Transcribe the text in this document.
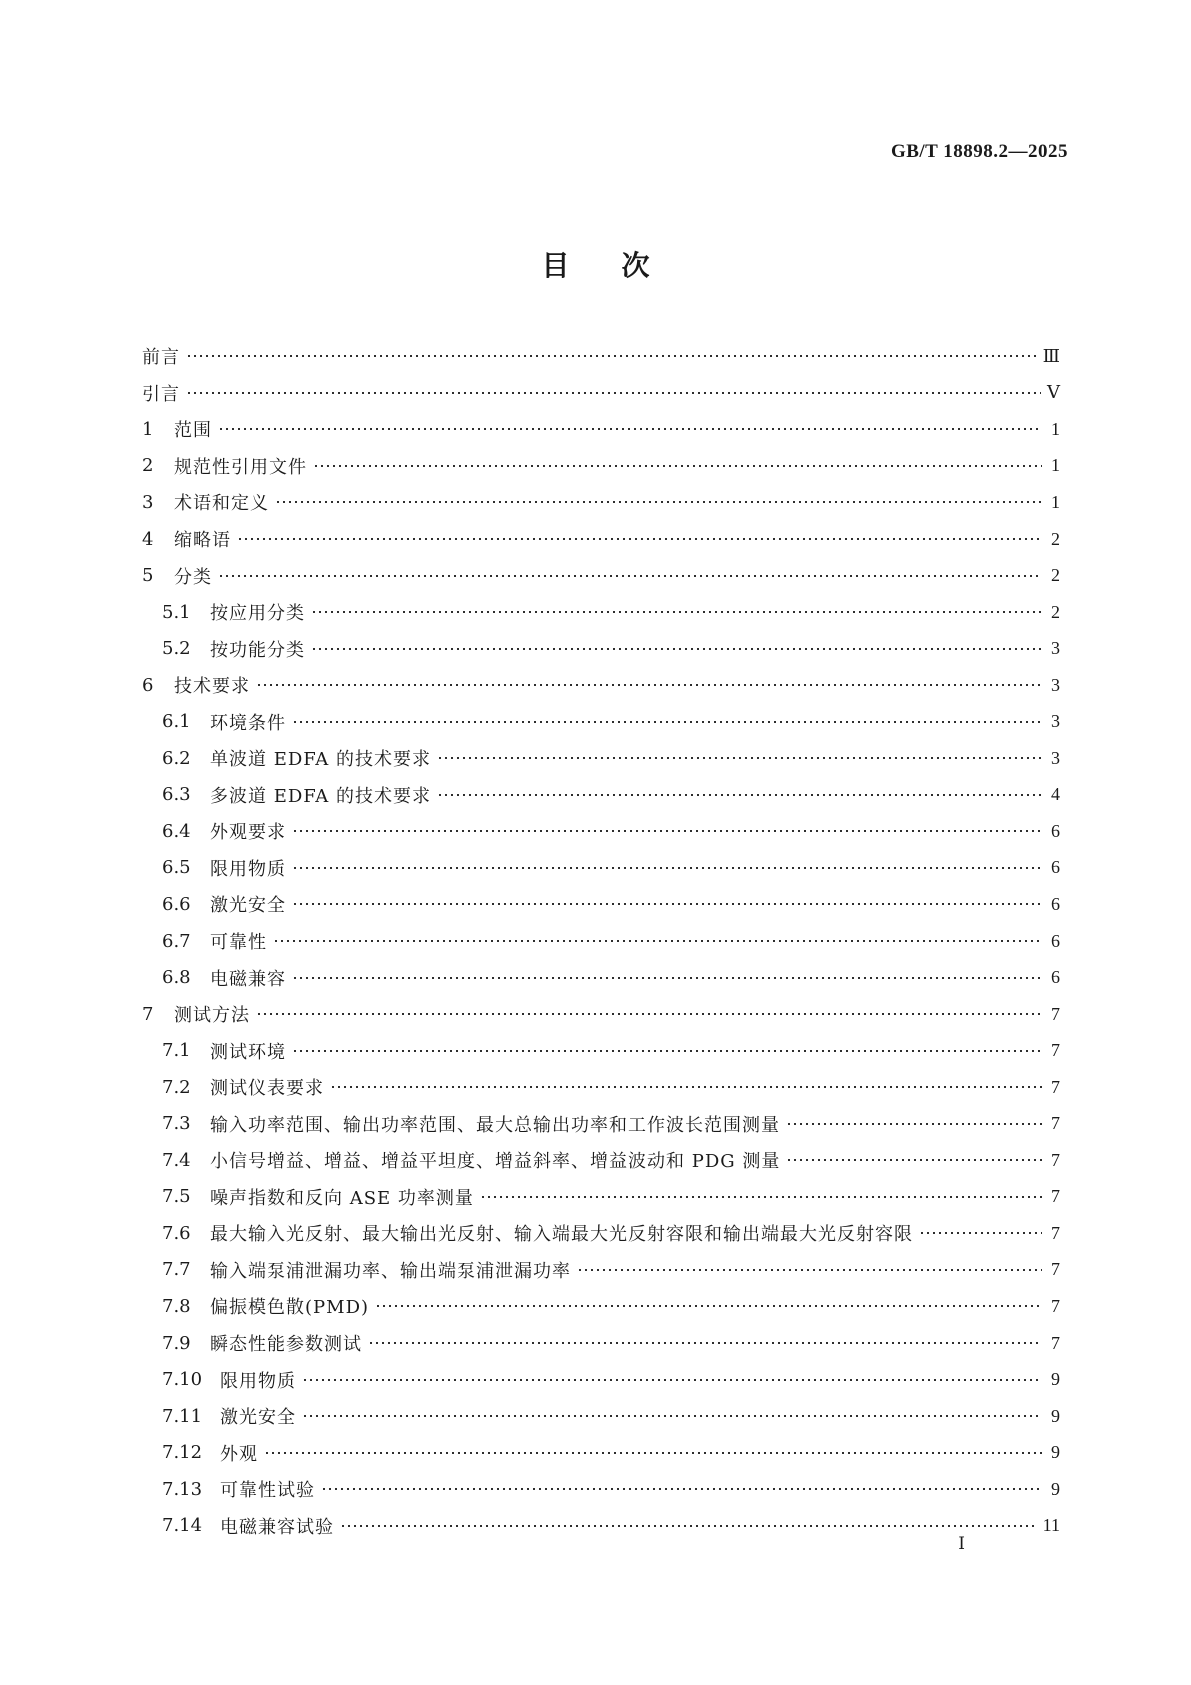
GB/T 18898.2—2025
目次
前言	Ⅲ
引言	Ⅴ
1	范围	1
2	规范性引用文件	1
3	术语和定义	1
4	缩略语	2
5	分类	2
5.1	按应用分类	2
5.2	按功能分类	3
6	技术要求	3
6.1	环境条件	3
6.2	单波道 EDFA 的技术要求	3
6.3	多波道 EDFA 的技术要求	4
6.4	外观要求	6
6.5	限用物质	6
6.6	激光安全	6
6.7	可靠性	6
6.8	电磁兼容	6
7	测试方法	7
7.1	测试环境	7
7.2	测试仪表要求	7
7.3	输入功率范围、输出功率范围、最大总输出功率和工作波长范围测量	7
7.4	小信号增益、增益、增益平坦度、增益斜率、增益波动和 PDG 测量	7
7.5	噪声指数和反向 ASE 功率测量	7
7.6	最大输入光反射、最大输出光反射、输入端最大光反射容限和输出端最大光反射容限	7
7.7	输入端泵浦泄漏功率、输出端泵浦泄漏功率	7
7.8	偏振模色散(PMD)	7
7.9	瞬态性能参数测试	7
7.10 限用物质	9
7.11 激光安全	9
7.12 外观	9
7.13 可靠性试验	9
7.14 电磁兼容试验	11
Ⅰ
